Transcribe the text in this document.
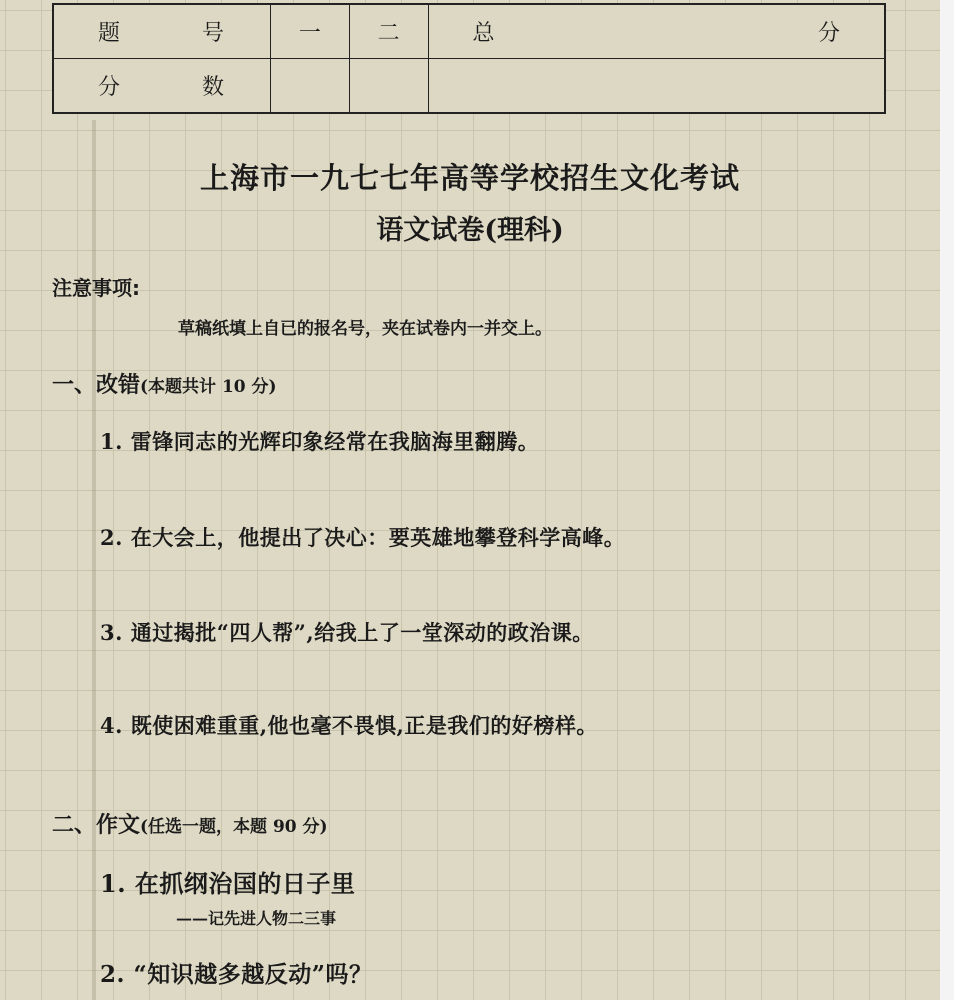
题 号	一	二	总 分

分 数			

上海市一九七七年高等学校招生文化考试
语文试卷(理科)
注意事项:
草稿纸填上自已的报名号，夹在试卷内一并交上。
一、改错(本题共计 10 分)
1. 雷锋同志的光辉印象经常在我脑海里翻腾。
2. 在大会上，他提出了决心：要英雄地攀登科学高峰。
3. 通过揭批“四人帮”,给我上了一堂深动的政治课。
4. 既使困难重重,他也毫不畏惧,正是我们的好榜样。
二、作文(任选一题，本题 90 分)
1. 在抓纲治国的日子里
——记先进人物二三事
2. “知识越多越反动”吗？
